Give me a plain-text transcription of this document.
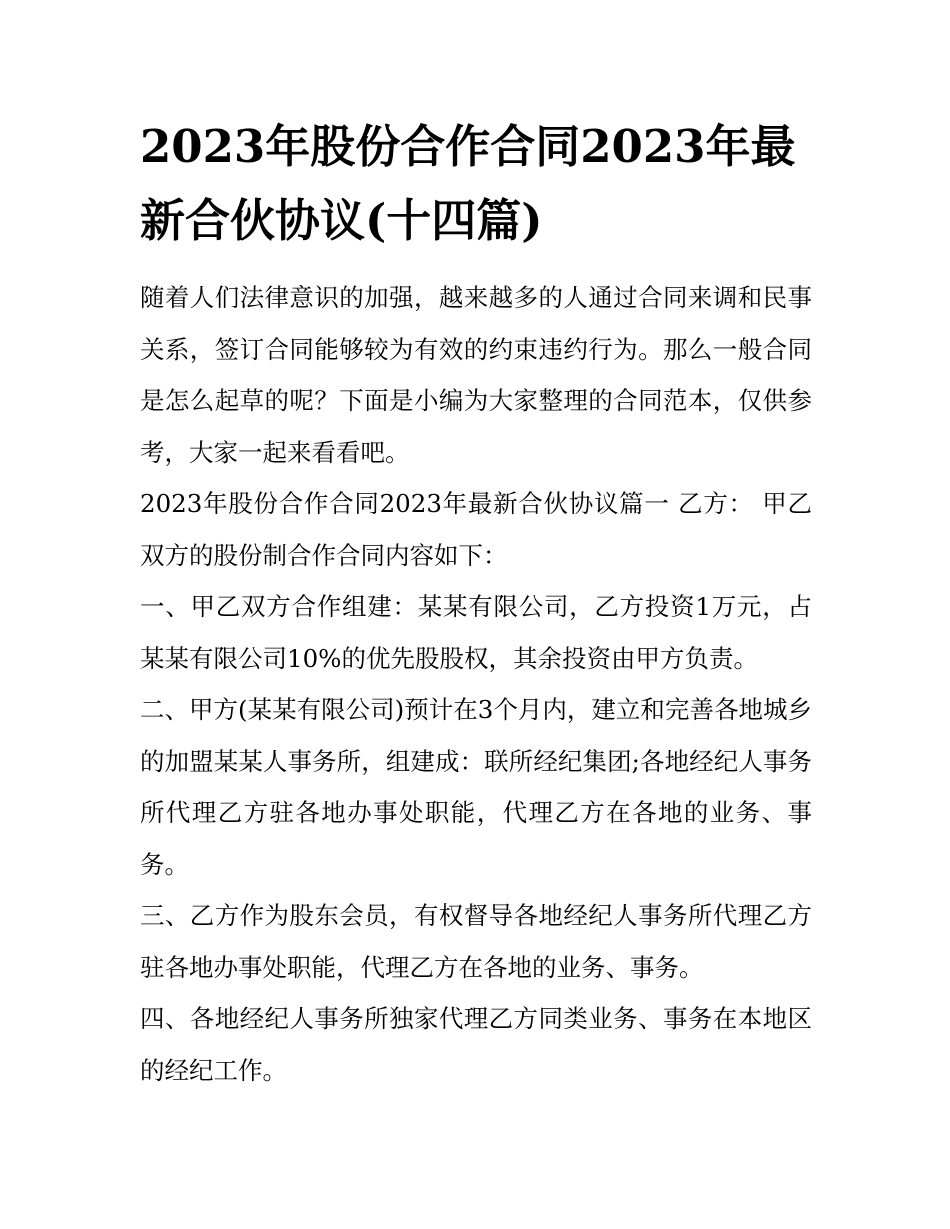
2023年股份合作合同2023年最新合伙协议(十四篇)

随着人们法律意识的加强，越来越多的人通过合同来调和民事关系，签订合同能够较为有效的约束违约行为。那么一般合同是怎么起草的呢？下面是小编为大家整理的合同范本，仅供参考，大家一起来看看吧。

2023年股份合作合同2023年最新合伙协议篇一 乙方： 甲乙双方的股份制合作合同内容如下：

一、甲乙双方合作组建：某某有限公司，乙方投资1万元，占某某有限公司10%的优先股股权，其余投资由甲方负责。

二、甲方(某某有限公司)预计在3个月内，建立和完善各地城乡的加盟某某人事务所，组建成：联所经纪集团;各地经纪人事务所代理乙方驻各地办事处职能，代理乙方在各地的业务、事务。

三、乙方作为股东会员，有权督导各地经纪人事务所代理乙方驻各地办事处职能，代理乙方在各地的业务、事务。

四、各地经纪人事务所独家代理乙方同类业务、事务在本地区的经纪工作。
